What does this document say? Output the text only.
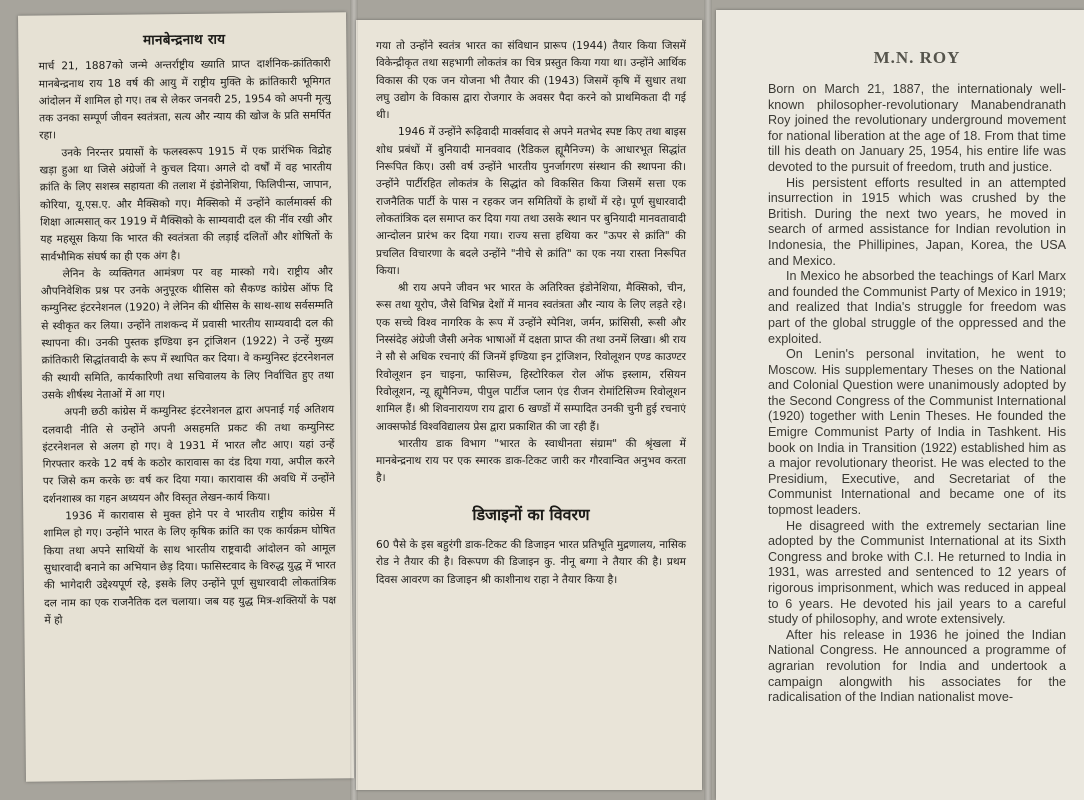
मानबेन्द्रनाथ राय

मार्च 21, 1887को जन्मे अन्तर्राष्ट्रीय ख्याति प्राप्त दार्शनिक-क्रांतिकारी मानबेन्द्रनाथ राय 18 वर्ष की आयु में राष्ट्रीय मुक्ति के क्रांतिकारी भूमिगत आंदोलन में शामिल हो गए। तब से लेकर जनवरी 25, 1954 को अपनी मृत्यु तक उनका सम्पूर्ण जीवन स्वतंत्रता, सत्य और न्याय की खोज के प्रति समर्पित रहा।

उनके निरन्तर प्रयासों के फलस्वरूप 1915 में एक प्रारंभिक विद्रोह खड़ा हुआ था जिसे अंग्रेजों ने कुचल दिया। अगले दो वर्षों में वह भारतीय क्रांति के लिए सशस्त्र सहायता की तलाश में इंडोनेशिया, फिलिपीन्स, जापान, कोरिया, यू.एस.ए. और मैक्सिको गए। मैक्सिको में उन्होंने कार्लमार्क्स की शिक्षा आत्मसात् कर 1919 में मैक्सिको के साम्यवादी दल की नींव रखी और यह महसूस किया कि भारत की स्वतंत्रता की लड़ाई दलितों और शोषितों के सार्वभौमिक संघर्ष का ही एक अंग है।

लेनिन के व्यक्तिगत आमंत्रण पर वह मास्को गये। राष्ट्रीय और औपनिवेशिक प्रश्न पर उनके अनुपूरक थीसिस को सैकण्ड कांग्रेस ऑफ दि कम्युनिस्ट इंटरनेशनल (1920) ने लेनिन की थीसिस के साथ-साथ सर्वसम्मति से स्वीकृत कर लिया। उन्होंने ताशकन्द में प्रवासी भारतीय साम्यवादी दल की स्थापना की। उनकी पुस्तक इण्डिया इन ट्रांजिशन (1922) ने उन्हें मुख्य क्रांतिकारी सिद्धांतवादी के रूप में स्थापित कर दिया। वे कम्युनिस्ट इंटरनेशनल की स्थायी समिति, कार्यकारिणी तथा सचिवालय के लिए निर्वाचित हुए तथा उसके शीर्षस्थ नेताओं में आ गए।

अपनी छठी कांग्रेस में कम्युनिस्ट इंटरनेशनल द्वारा अपनाई गई अतिशय दलवादी नीति से उन्होंने अपनी असहमति प्रकट की तथा कम्युनिस्ट इंटरनेशनल से अलग हो गए। वे 1931 में भारत लौट आए। यहां उन्हें गिरफ्तार करके 12 वर्ष के कठोर कारावास का दंड दिया गया, अपील करने पर जिसे कम करके छः वर्ष कर दिया गया। कारावास की अवधि में उन्होंने दर्शनशास्त्र का गहन अध्ययन और विस्तृत लेखन-कार्य किया।

1936 में कारावास से मुक्त होने पर वे भारतीय राष्ट्रीय कांग्रेस में शामिल हो गए। उन्होंने भारत के लिए कृषिक क्रांति का एक कार्यक्रम घोषित किया तथा अपने साथियों के साथ भारतीय राष्ट्रवादी आंदोलन को आमूल सुधारवादी बनाने का अभियान छेड़ दिया। फासिस्टवाद के विरुद्ध युद्ध में भारत की भागेदारी उद्देश्यपूर्ण रहे, इसके लिए उन्होंने पूर्ण सुधारवादी लोकतांत्रिक दल नाम का एक राजनैतिक दल चलाया। जब यह युद्ध मित्र-शक्तियों के पक्ष में हो

गया तो उन्होंने स्वतंत्र भारत का संविधान प्रारूप (1944) तैयार किया जिसमें विकेन्द्रीकृत तथा सहभागी लोकतंत्र का चित्र प्रस्तुत किया गया था। उन्होंने आर्थिक विकास की एक जन योजना भी तैयार की (1943) जिसमें कृषि में सुधार तथा लघु उद्योग के विकास द्वारा रोजगार के अवसर पैदा करने को प्राथमिकता दी गई थी।

1946 में उन्होंने रूढ़िवादी मार्क्सवाद से अपने मतभेद स्पष्ट किए तथा बाइस शोध प्रबंधों में बुनियादी मानववाद (रैडिकल ह्यूमैनिज्म) के आधारभूत सिद्धांत निरूपित किए। उसी वर्ष उन्होंने भारतीय पुनर्जागरण संस्थान की स्थापना की। उन्होंने पार्टीरहित लोकतंत्र के सिद्धांत को विकसित किया जिसमें सत्ता एक राजनैतिक पार्टी के पास न रहकर जन समितियों के हाथों में रहे। पूर्ण सुधारवादी लोकतांत्रिक दल समाप्त कर दिया गया तथा उसके स्थान पर बुनियादी मानवतावादी आन्दोलन प्रारंभ कर दिया गया। राज्य सत्ता हथिया कर "ऊपर से क्रांति" की प्रचलित विचारणा के बदले उन्होंने "नीचे से क्रांति" का एक नया रास्ता निरूपित किया।

श्री राय अपने जीवन भर भारत के अतिरिक्त इंडोनेशिया, मैक्सिको, चीन, रूस तथा यूरोप, जैसे विभिन्न देशों में मानव स्वतंत्रता और न्याय के लिए लड़ते रहे। एक सच्चे विश्व नागरिक के रूप में उन्होंने स्पेनिश, जर्मन, फ्रांसिसी, रूसी और निस्संदेह अंग्रेजी जैसी अनेक भाषाओं में दक्षता प्राप्त की तथा उनमें लिखा। श्री राय ने सौ से अधिक रचनाएं कीं जिनमें इण्डिया इन ट्रांजिशन, रिवोलूशन एण्ड काउण्टर रिवोलूशन इन चाइना, फासिज्म, हिस्टोरिकल रोल ऑफ इस्लाम, रसियन रिवोलूशन, न्यू ह्यूमैनिज्म, पीपुल पार्टीज प्लान एंड रीजन रोमांटिसिज्म रिवोलूशन शामिल हैं। श्री शिवनारायण राय द्वारा 6 खण्डों में सम्पादित उनकी चुनी हुई रचनाएं आक्सफोर्ड विश्वविद्यालय प्रेस द्वारा प्रकाशित की जा रही हैं।

भारतीय डाक विभाग "भारत के स्वाधीनता संग्राम" की श्रृंखला में मानबेन्द्रनाथ राय पर एक स्मारक डाक-टिकट जारी कर गौरवान्वित अनुभव करता है।

डिजाइनों का विवरण

60 पैसे के इस बहुरंगी डाक-टिकट की डिजाइन भारत प्रतिभूति मुद्रणालय, नासिक रोड ने तैयार की है। विरूपण की डिजाइन कु. नीनू बग्गा ने तैयार की है। प्रथम दिवस आवरण का डिजाइन श्री काशीनाथ राहा ने तैयार किया है।

M.N. ROY

Born on March 21, 1887, the internationaly well-known philosopher-revolutionary Manabendranath Roy joined the revolutionary underground movement for national liberation at the age of 18. From that time till his death on January 25, 1954, his entire life was devoted to the pursuit of freedom, truth and justice.

His persistent efforts resulted in an attempted insurrection in 1915 which was crushed by the British. During the next two years, he moved in search of armed assistance for Indian revolution in Indonesia, the Phillipines, Japan, Korea, the USA and Mexico.

In Mexico he absorbed the teachings of Karl Marx and founded the Communist Party of Mexico in 1919; and realized that India's struggle for freedom was part of the global struggle of the oppressed and the exploited.

On Lenin's personal invitation, he went to Moscow. His supplementary Theses on the National and Colonial Question were unanimously adopted by the Second Congress of the Communist International (1920) together with Lenin Theses. He founded the Emigre Communist Party of India in Tashkent. His book on India in Transition (1922) established him as a major revolutionary theorist. He was elected to the Presidium, Executive, and Secretariat of the Communist International and became one of its topmost leaders.

He disagreed with the extremely sectarian line adopted by the Communist International at its Sixth Congress and broke with C.I. He returned to India in 1931, was arrested and sentenced to 12 years of rigorous imprisonment, which was reduced in appeal to 6 years. He devoted his jail years to a careful study of philosophy, and wrote extensively.

After his release in 1936 he joined the Indian National Congress. He announced a programme of agrarian revolution for India and undertook a campaign alongwith his associates for the radicalisation of the Indian nationalist move-
